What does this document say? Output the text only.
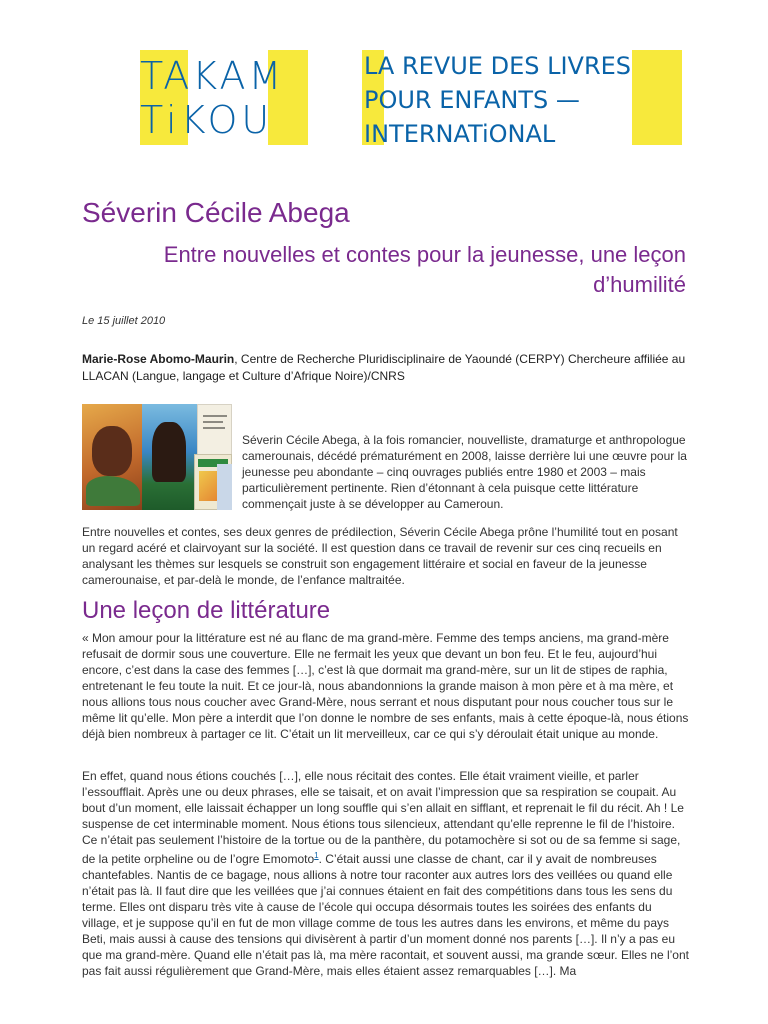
TAKAM
TiKOU
LA REVUE DES LIVRES
POUR ENFANTS —
INTERNATiONAL
Séverin Cécile Abega
Entre nouvelles et contes pour la jeunesse, une leçon d’humilité
Le 15 juillet 2010
Marie-Rose Abomo-Maurin, Centre de Recherche Pluridisciplinaire de Yaoundé (CERPY) Chercheure affiliée au LLACAN (Langue, langage et Culture d’Afrique Noire)/CNRS
Séverin Cécile Abega, à la fois romancier, nouvelliste, dramaturge et anthropologue camerounais, décédé prématurément en 2008, laisse derrière lui une œuvre pour la jeunesse peu abondante – cinq ouvrages publiés entre 1980 et 2003 – mais particulièrement pertinente. Rien d’étonnant à cela puisque cette littérature commençait juste à se développer au Cameroun.
Entre nouvelles et contes, ses deux genres de prédilection, Séverin Cécile Abega prône l’humilité tout en posant un regard acéré et clairvoyant sur la société. Il est question dans ce travail de revenir sur ces cinq recueils en analysant les thèmes sur lesquels se construit son engagement littéraire et social en faveur de la jeunesse camerounaise, et par-delà le monde, de l’enfance maltraitée.
Une leçon de littérature
« Mon amour pour la littérature est né au flanc de ma grand-mère. Femme des temps anciens, ma grand-mère refusait de dormir sous une couverture. Elle ne fermait les yeux que devant un bon feu. Et le feu, aujourd’hui encore, c’est dans la case des femmes […], c’est là que dormait ma grand-mère, sur un lit de stipes de raphia, entretenant le feu toute la nuit. Et ce jour-là, nous abandonnions la grande maison à mon père et à ma mère, et nous allions tous nous coucher avec Grand-Mère, nous serrant et nous disputant pour nous coucher tous sur le même lit qu’elle. Mon père a interdit que l’on donne le nombre de ses enfants, mais à cette époque-là, nous étions déjà bien nombreux à partager ce lit. C’était un lit merveilleux, car ce qui s’y déroulait était unique au monde.
En effet, quand nous étions couchés […], elle nous récitait des contes. Elle était vraiment vieille, et parler l’essoufflait. Après une ou deux phrases, elle se taisait, et on avait l’impression que sa respiration se coupait. Au bout d’un moment, elle laissait échapper un long souffle qui s’en allait en sifflant, et reprenait le fil du récit. Ah ! Le suspense de cet interminable moment. Nous étions tous silencieux, attendant qu’elle reprenne le fil de l’histoire. Ce n’était pas seulement l’histoire de la tortue ou de la panthère, du potamochère si sot ou de sa femme si sage, de la petite orpheline ou de l’ogre Emomoto$^1$. C’était aussi une classe de chant, car il y avait de nombreuses chantefables. Nantis de ce bagage, nous allions à notre tour raconter aux autres lors des veillées ou quand elle n’était pas là. Il faut dire que les veillées que j’ai connues étaient en fait des compétitions dans tous les sens du terme. Elles ont disparu très vite à cause de l’école qui occupa désormais toutes les soirées des enfants du village, et je suppose qu’il en fut de mon village comme de tous les autres dans les environs, et même du pays Beti, mais aussi à cause des tensions qui divisèrent à partir d’un moment donné nos parents […]. Il n’y a pas eu que ma grand-mère. Quand elle n’était pas là, ma mère racontait, et souvent aussi, ma grande sœur. Elles ne l’ont pas fait aussi régulièrement que Grand-Mère, mais elles étaient assez remarquables […]. Ma
